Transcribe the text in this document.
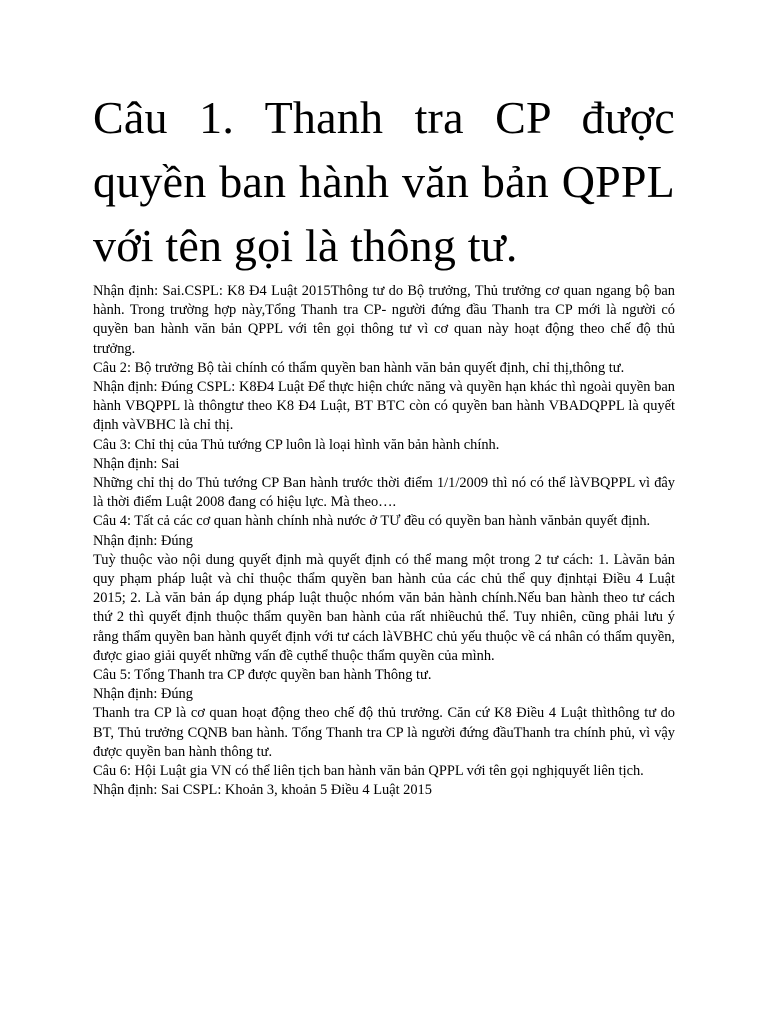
Câu 1. Thanh tra CP được quyền ban hành văn bản QPPL với tên gọi là thông tư.

Nhận định: Sai.CSPL: K8 Đ4 Luật 2015Thông tư do Bộ trưởng, Thủ trưởng cơ quan ngang bộ ban hành. Trong trường hợp này,Tổng Thanh tra CP- người đứng đầu Thanh tra CP mới là người có quyền ban hành văn bản QPPL với tên gọi thông tư vì cơ quan này hoạt động theo chế độ thủ trưởng.

Câu 2: Bộ trưởng Bộ tài chính có thẩm quyền ban hành văn bản quyết định, chỉ thị,thông tư.

Nhận định: Đúng CSPL: K8Đ4 Luật Để thực hiện chức năng và quyền hạn khác thì ngoài quyền ban hành VBQPPL là thôngtư theo K8 Đ4 Luật, BT BTC còn có quyền ban hành VBADQPPL là quyết định vàVBHC là chỉ thị.

Câu 3: Chỉ thị của Thủ tướng CP luôn là loại hình văn bản hành chính.

Nhận định: Sai

Những chỉ thị do Thủ tướng CP Ban hành trước thời điểm 1/1/2009 thì nó có thể làVBQPPL vì đây là thời điểm Luật 2008 đang có hiệu lực. Mà theo….

Câu 4: Tất cả các cơ quan hành chính nhà nước ở TƯ đều có quyền ban hành vănbản quyết định.

Nhận định: Đúng

Tuỳ thuộc vào nội dung quyết định mà quyết định có thể mang một trong 2 tư cách: 1. Làvăn bản quy phạm pháp luật và chỉ thuộc thẩm quyền ban hành của các chủ thể quy địnhtại Điều 4 Luật 2015; 2. Là văn bản áp dụng pháp luật thuộc nhóm văn bản hành chính.Nếu ban hành theo tư cách thứ 2 thì quyết định thuộc thẩm quyền ban hành của rất nhiềuchủ thể. Tuy nhiên, cũng phải lưu ý rằng thẩm quyền ban hành quyết định với tư cách làVBHC chủ yếu thuộc về cá nhân có thẩm quyền, được giao giải quyết những vấn đề cụthể thuộc thẩm quyền của mình.

Câu 5: Tổng Thanh tra CP được quyền ban hành Thông tư.

Nhận định: Đúng

Thanh tra CP là cơ quan hoạt động theo chế độ thủ trưởng. Căn cứ K8 Điều 4 Luật thìthông tư do BT, Thủ trưởng CQNB ban hành. Tổng Thanh tra CP là người đứng đầuThanh tra chính phủ, vì vậy được quyền ban hành thông tư.

Câu 6: Hội Luật gia VN có thể liên tịch ban hành văn bản QPPL với tên gọi nghịquyết liên tịch.

Nhận định: Sai CSPL: Khoản 3, khoản 5 Điều 4 Luật 2015
